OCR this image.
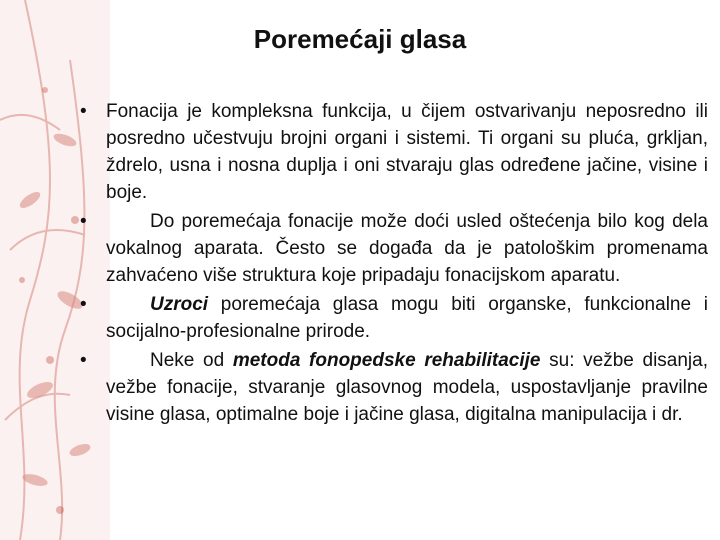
Poremećaji glasa
• Fonacija je kompleksna funkcija, u čijem ostvarivanju neposredno ili posredno učestvuju brojni organi i sistemi. Ti organi su pluća, grkljan, ždrelo, usna i nosna duplja i oni stvaraju glas određene jačine, visine i boje.
•	Do poremećaja fonacije može doći usled oštećenja bilo kog dela vokalnog aparata. Često se događa da je patološkim promenama zahvaćeno više struktura koje pripadaju fonacijskom aparatu.
•	Uzroci poremećaja glasa mogu biti organske, funkcionalne i socijalno-profesionalne prirode.
•	Neke od metoda fonopedske rehabilitacije su: vežbe disanja, vežbe fonacije, stvaranje glasovnog modela, uspostavljanje pravilne visine glasa, optimalne boje i jačine glasa, digitalna manipulacija i dr.
